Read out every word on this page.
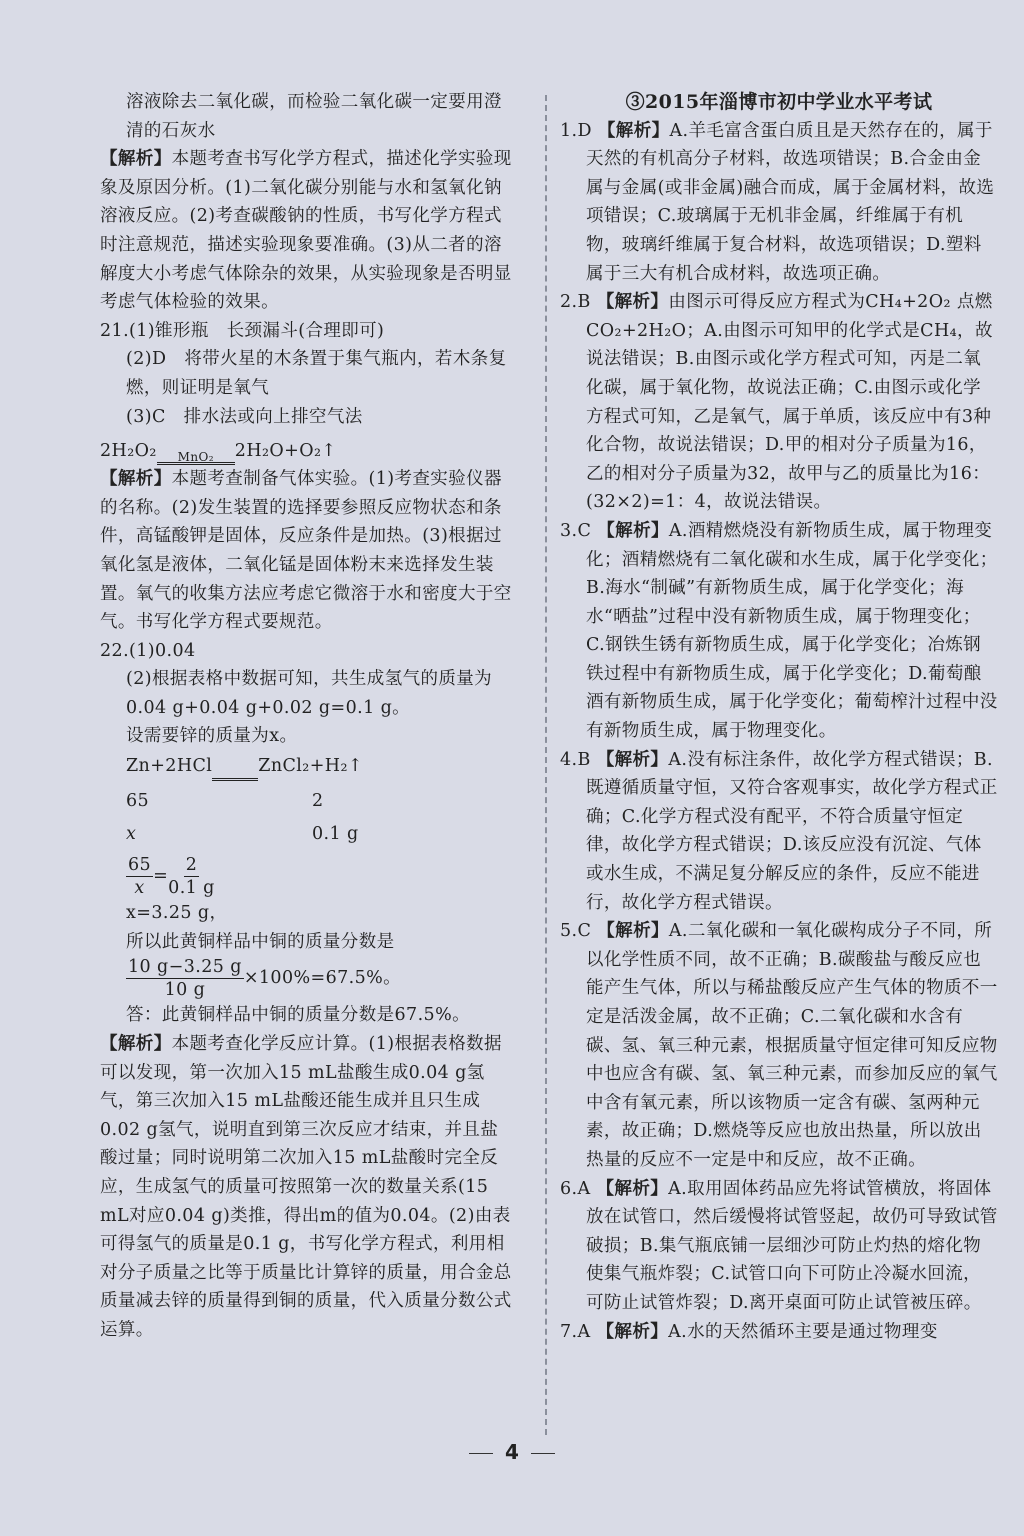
溶液除去二氧化碳，而检验二氧化碳一定要用澄清的石灰水

【解析】本题考查书写化学方程式，描述化学实验现象及原因分析。(1)二氧化碳分别能与水和氢氧化钠溶液反应。(2)考查碳酸钠的性质，书写化学方程式时注意规范，描述实验现象要准确。(3)从二者的溶解度大小考虑气体除杂的效果，从实验现象是否明显考虑气体检验的效果。

21.(1)锥形瓶　长颈漏斗(合理即可)

(2)D　将带火星的木条置于集气瓶内，若木条复燃，则证明是氧气

(3)C　排水法或向上排空气法

2H₂O₂	MnO₂	2H₂O+O₂↑

【解析】本题考查制备气体实验。(1)考查实验仪器的名称。(2)发生装置的选择要参照反应物状态和条件，高锰酸钾是固体，反应条件是加热。(3)根据过氧化氢是液体，二氧化锰是固体粉末来选择发生装置。氧气的收集方法应考虑它微溶于水和密度大于空气。书写化学方程式要规范。

22.(1)0.04

(2)根据表格中数据可知，共生成氢气的质量为0.04 g+0.04 g+0.02 g=0.1 g。

设需要锌的质量为x。

Zn+2HCl	ZnCl₂+H₂↑

65	2

x	0.1 g

$\frac{65}{x} = \frac{2}{0.1 g}$

x=3.25 g，

所以此黄铜样品中铜的质量分数是

$\frac{10 g-3.25 g}{10 g} \times 100\%=67.5\%$。

答：此黄铜样品中铜的质量分数是67.5%。

【解析】本题考查化学反应计算。(1)根据表格数据可以发现，第一次加入15 mL盐酸生成0.04 g氢气，第三次加入15 mL盐酸还能生成并且只生成0.02 g氢气，说明直到第三次反应才结束，并且盐酸过量；同时说明第二次加入15 mL盐酸时完全反应，生成氢气的质量可按照第一次的数量关系(15 mL对应0.04 g)类推，得出m的值为0.04。(2)由表可得氢气的质量是0.1 g，书写化学方程式，利用相对分子质量之比等于质量比计算锌的质量，用合金总质量减去锌的质量得到铜的质量，代入质量分数公式运算。

③2015年淄博市初中学业水平考试

1.D 【解析】A.羊毛富含蛋白质且是天然存在的，属于天然的有机高分子材料，故选项错误；B.合金由金属与金属(或非金属)融合而成，属于金属材料，故选项错误；C.玻璃属于无机非金属，纤维属于有机物，玻璃纤维属于复合材料，故选项错误；D.塑料属于三大有机合成材料，故选项正确。

2.B 【解析】由图示可得反应方程式为CH₄+2O₂ 点燃 CO₂+2H₂O；A.由图示可知甲的化学式是CH₄，故说法错误；B.由图示或化学方程式可知，丙是二氧化碳，属于氧化物，故说法正确；C.由图示或化学方程式可知，乙是氧气，属于单质，该反应中有3种化合物，故说法错误；D.甲的相对分子质量为16，乙的相对分子质量为32，故甲与乙的质量比为16：(32×2)=1：4，故说法错误。

3.C 【解析】A.酒精燃烧没有新物质生成，属于物理变化；酒精燃烧有二氧化碳和水生成，属于化学变化；B.海水“制碱”有新物质生成，属于化学变化；海水“晒盐”过程中没有新物质生成，属于物理变化；C.钢铁生锈有新物质生成，属于化学变化；冶炼钢铁过程中有新物质生成，属于化学变化；D.葡萄酿酒有新物质生成，属于化学变化；葡萄榨汁过程中没有新物质生成，属于物理变化。

4.B 【解析】A.没有标注条件，故化学方程式错误；B.既遵循质量守恒，又符合客观事实，故化学方程式正确；C.化学方程式没有配平，不符合质量守恒定律，故化学方程式错误；D.该反应没有沉淀、气体或水生成，不满足复分解反应的条件，反应不能进行，故化学方程式错误。

5.C 【解析】A.二氧化碳和一氧化碳构成分子不同，所以化学性质不同，故不正确；B.碳酸盐与酸反应也能产生气体，所以与稀盐酸反应产生气体的物质不一定是活泼金属，故不正确；C.二氧化碳和水含有碳、氢、氧三种元素，根据质量守恒定律可知反应物中也应含有碳、氢、氧三种元素，而参加反应的氧气中含有氧元素，所以该物质一定含有碳、氢两种元素，故正确；D.燃烧等反应也放出热量，所以放出热量的反应不一定是中和反应，故不正确。

6.A 【解析】A.取用固体药品应先将试管横放，将固体放在试管口，然后缓慢将试管竖起，故仍可导致试管破损；B.集气瓶底铺一层细沙可防止灼热的熔化物使集气瓶炸裂；C.试管口向下可防止冷凝水回流，可防止试管炸裂；D.离开桌面可防止试管被压碎。

7.A 【解析】A.水的天然循环主要是通过物理变

4
